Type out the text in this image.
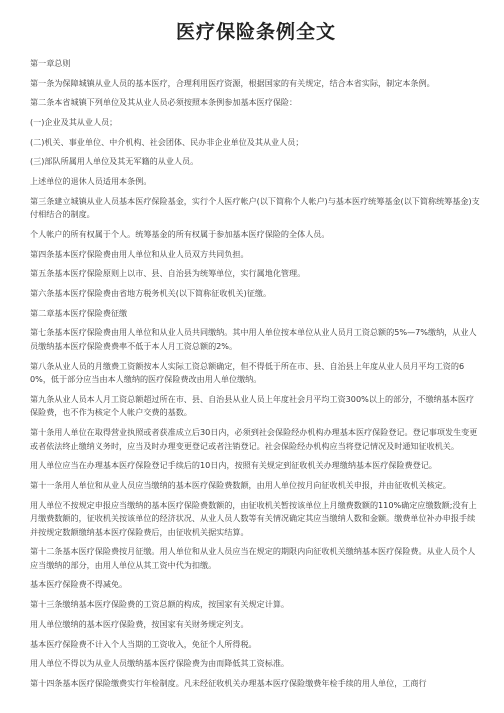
医疗保险条例全文

第一章总则

第一条为保障城镇从业人员的基本医疗，合理利用医疗资源，根据国家的有关规定，结合本省实际，制定本条例。

第二条本省城镇下列单位及其从业人员必须按照本条例参加基本医疗保险：

(一)企业及其从业人员；

(二)机关、事业单位、中介机构、社会团体、民办非企业单位及其从业人员；

(三)部队所属用人单位及其无军籍的从业人员。

上述单位的退休人员适用本条例。

第三条建立城镇从业人员基本医疗保险基金，实行个人医疗帐户(以下简称个人帐户)与基本医疗统筹基金(以下简称统筹基金)支付相结合的制度。

个人帐户的所有权属于个人。统筹基金的所有权属于参加基本医疗保险的全体人员。

第四条基本医疗保险费由用人单位和从业人员双方共同负担。

第五条基本医疗保险原则上以市、县、自治县为统筹单位，实行属地化管理。

第六条基本医疗保险费由省地方税务机关(以下简称征收机关)征缴。

第二章基本医疗保险费征缴

第七条基本医疗保险费由用人单位和从业人员共同缴纳。其中用人单位按本单位从业人员月工资总额的5%—7%缴纳，从业人员缴纳基本医疗保险费费率不低于本人月工资总额的2%。

第八条从业人员的月缴费工资额按本人实际工资总额确定，但不得低于所在市、县、自治县上年度从业人员月平均工资的60%，低于部分应当由本人缴纳的医疗保险费改由用人单位缴纳。

第九条从业人员本人月工资总额超过所在市、县、自治县从业人员上年度社会月平均工资300%以上的部分，不缴纳基本医疗保险费，也不作为核定个人帐户交费的基数。

第十条用人单位在取得营业执照或者获准成立后30日内，必须到社会保险经办机构办理基本医疗保险登记。登记事项发生变更或者依法终止缴纳义务时，应当及时办理变更登记或者注销登记。社会保险经办机构应当将登记情况及时通知征收机关。

用人单位应当在办理基本医疗保险登记手续后的10日内，按照有关规定到征收机关办理缴纳基本医疗保险费登记。

第十一条用人单位和从业人员应当缴纳的基本医疗保险费数额，由用人单位按月向征收机关申报，并由征收机关核定。

用人单位不按规定申报应当缴纳的基本医疗保险费数额的，由征收机关暂按该单位上月缴费数额的110%确定应缴数额;没有上月缴费数额的，征收机关按该单位的经济状况、从业人员人数等有关情况确定其应当缴纳人数和金额。缴费单位补办申报手续并按规定数额缴纳基本医疗保险费后，由征收机关据实结算。

第十二条基本医疗保险费按月征缴。用人单位和从业人员应当在规定的期限内向征收机关缴纳基本医疗保险费。从业人员个人应当缴纳的部分，由用人单位从其工资中代为扣缴。

基本医疗保险费不得减免。

第十三条缴纳基本医疗保险费的工资总额的构成，按国家有关规定计算。

用人单位缴纳的基本医疗保险费，按国家有关财务规定列支。

基本医疗保险费不计入个人当期的工资收入，免征个人所得税。

用人单位不得以为从业人员缴纳基本医疗保险费为由而降低其工资标准。

第十四条基本医疗保险缴费实行年检制度。凡未经征收机关办理基本医疗保险缴费年检手续的用人单位，工商行
